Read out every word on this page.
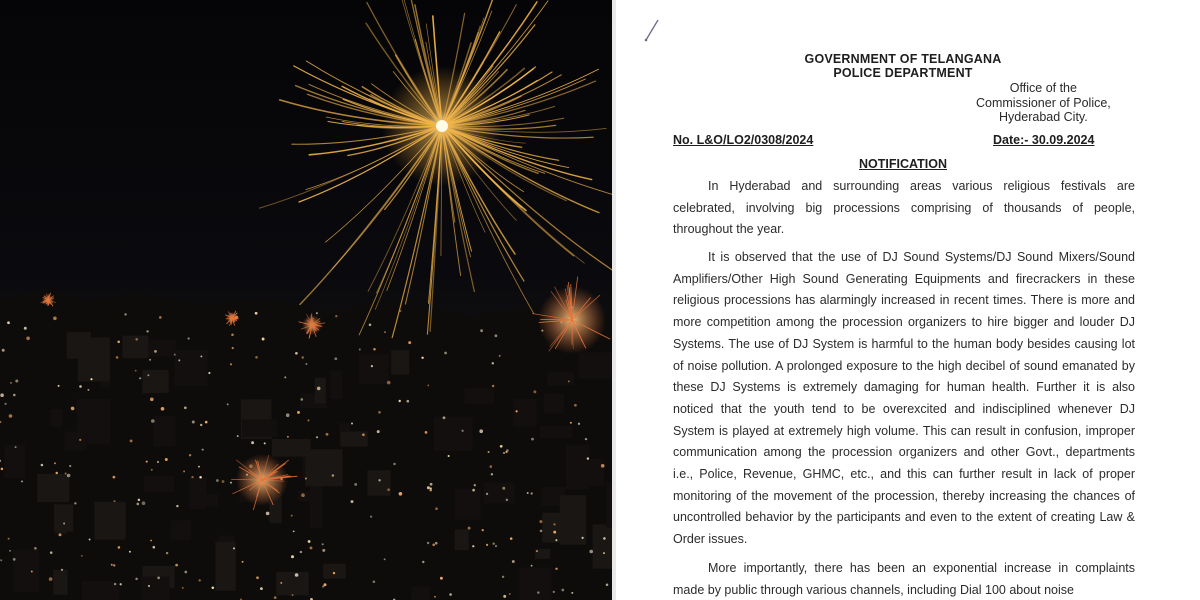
GOVERNMENT OF TELANGANA
POLICE DEPARTMENT
Office of the
Commissioner of Police,
Hyderabad City.
No. L&O/LO2/0308/2024	Date:- 30.09.2024
NOTIFICATION
In Hyderabad and surrounding areas various religious festivals are celebrated, involving big processions comprising of thousands of people, throughout the year.
It is observed that the use of DJ Sound Systems/DJ Sound Mixers/Sound Amplifiers/Other High Sound Generating Equipments and firecrackers in these religious processions has alarmingly increased in recent times. There is more and more competition among the procession organizers to hire bigger and louder DJ Systems. The use of DJ System is harmful to the human body besides causing lot of noise pollution. A prolonged exposure to the high decibel of sound emanated by these DJ Systems is extremely damaging for human health. Further it is also noticed that the youth tend to be overexcited and indisciplined whenever DJ System is played at extremely high volume. This can result in confusion, improper communication among the procession organizers and other Govt., departments i.e., Police, Revenue, GHMC, etc., and this can further result in lack of proper monitoring of the movement of the procession, thereby increasing the chances of uncontrolled behavior by the participants and even to the extent of creating Law & Order issues.
More importantly, there has been an exponential increase in complaints made by public through various channels, including Dial 100 about noise
